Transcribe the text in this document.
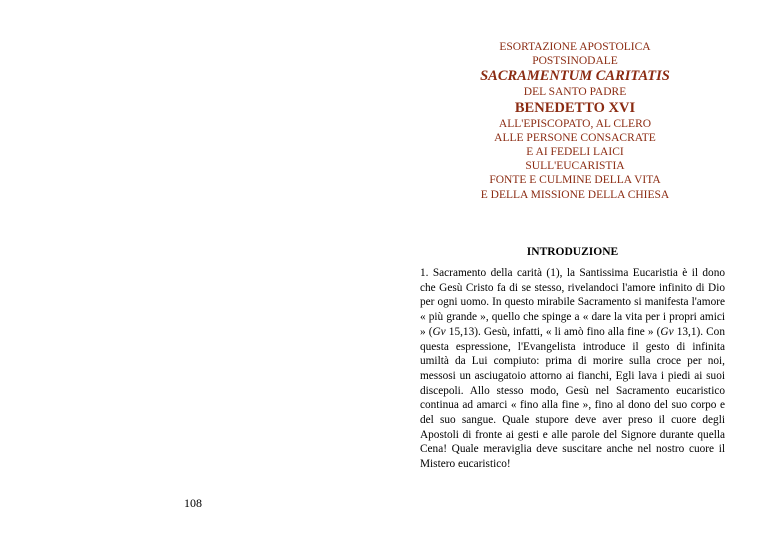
ESORTAZIONE APOSTOLICA
POSTSINODALE
SACRAMENTUM CARITATIS
DEL SANTO PADRE
BENEDETTO XVI
ALL'EPISCOPATO, AL CLERO
ALLE PERSONE CONSACRATE
E AI FEDELI LAICI
SULL'EUCARISTIA
FONTE E CULMINE DELLA VITA
E DELLA MISSIONE DELLA CHIESA
INTRODUZIONE

1. Sacramento della carità (1), la Santissima Eucaristia è il dono che Gesù Cristo fa di se stesso, rivelandoci l'amore infinito di Dio per ogni uomo. In questo mirabile Sacramento si manifesta l'amore « più grande », quello che spinge a « dare la vita per i propri amici » (Gv 15,13). Gesù, infatti, « li amò fino alla fine » (Gv 13,1). Con questa espressione, l'Evangelista introduce il gesto di infinita umiltà da Lui compiuto: prima di morire sulla croce per noi, messosi un asciugatoio attorno ai fianchi, Egli lava i piedi ai suoi discepoli. Allo stesso modo, Gesù nel Sacramento eucaristico continua ad amarci « fino alla fine », fino al dono del suo corpo e del suo sangue. Quale stupore deve aver preso il cuore degli Apostoli di fronte ai gesti e alle parole del Signore durante quella Cena! Quale meraviglia deve suscitare anche nel nostro cuore il Mistero eucaristico!

108
